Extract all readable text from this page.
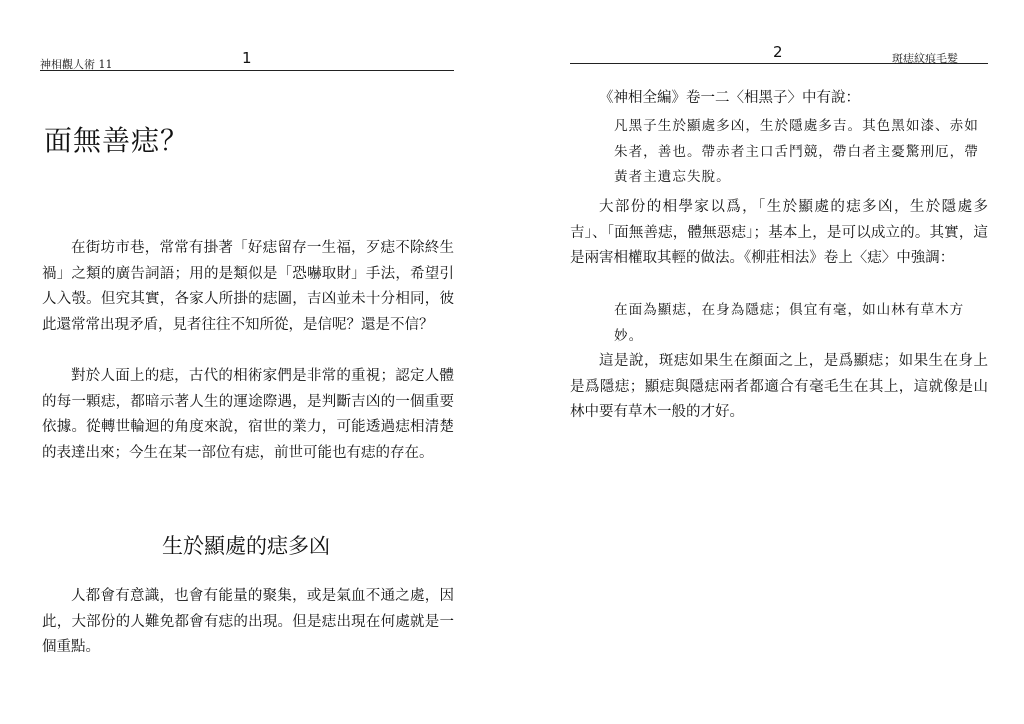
神相觀人術 11	1
面無善痣？

在街坊市巷，常常有掛著「好痣留存一生福，歹痣不除終生禍」之類的廣告詞語；用的是類似是「恐嚇取財」手法，希望引人入彀。但究其實，各家人所掛的痣圖，吉凶並未十分相同，彼此還常常出現矛盾，見者往往不知所從，是信呢？還是不信？

對於人面上的痣，古代的相術家們是非常的重視；認定人體的每一顆痣，都暗示著人生的運途際遇，是判斷吉凶的一個重要依據。從轉世輪迴的角度來說，宿世的業力，可能透過痣相清楚的表達出來；今生在某一部位有痣，前世可能也有痣的存在。

生於顯處的痣多凶

人都會有意識，也會有能量的聚集，或是氣血不通之處，因此，大部份的人難免都會有痣的出現。但是痣出現在何處就是一個重點。

2	斑痣紋痕毛髮

《神相全編》卷一二〈相黑子〉中有說：

凡黑子生於顯處多凶，生於隱處多吉。其色黑如漆、赤如朱者，善也。帶赤者主口舌鬥競，帶白者主憂驚刑厄，帶黃者主遺忘失脫。

大部份的相學家以爲，「生於顯處的痣多凶，生於隱處多吉」、「面無善痣，體無惡痣」；基本上，是可以成立的。其實，這是兩害相權取其輕的做法。《柳莊相法》卷上〈痣〉中強調：

在面為顯痣，在身為隱痣；俱宜有毫，如山林有草木方妙。

這是說，斑痣如果生在顏面之上，是爲顯痣；如果生在身上是爲隱痣；顯痣與隱痣兩者都適合有毫毛生在其上，這就像是山林中要有草木一般的才好。
